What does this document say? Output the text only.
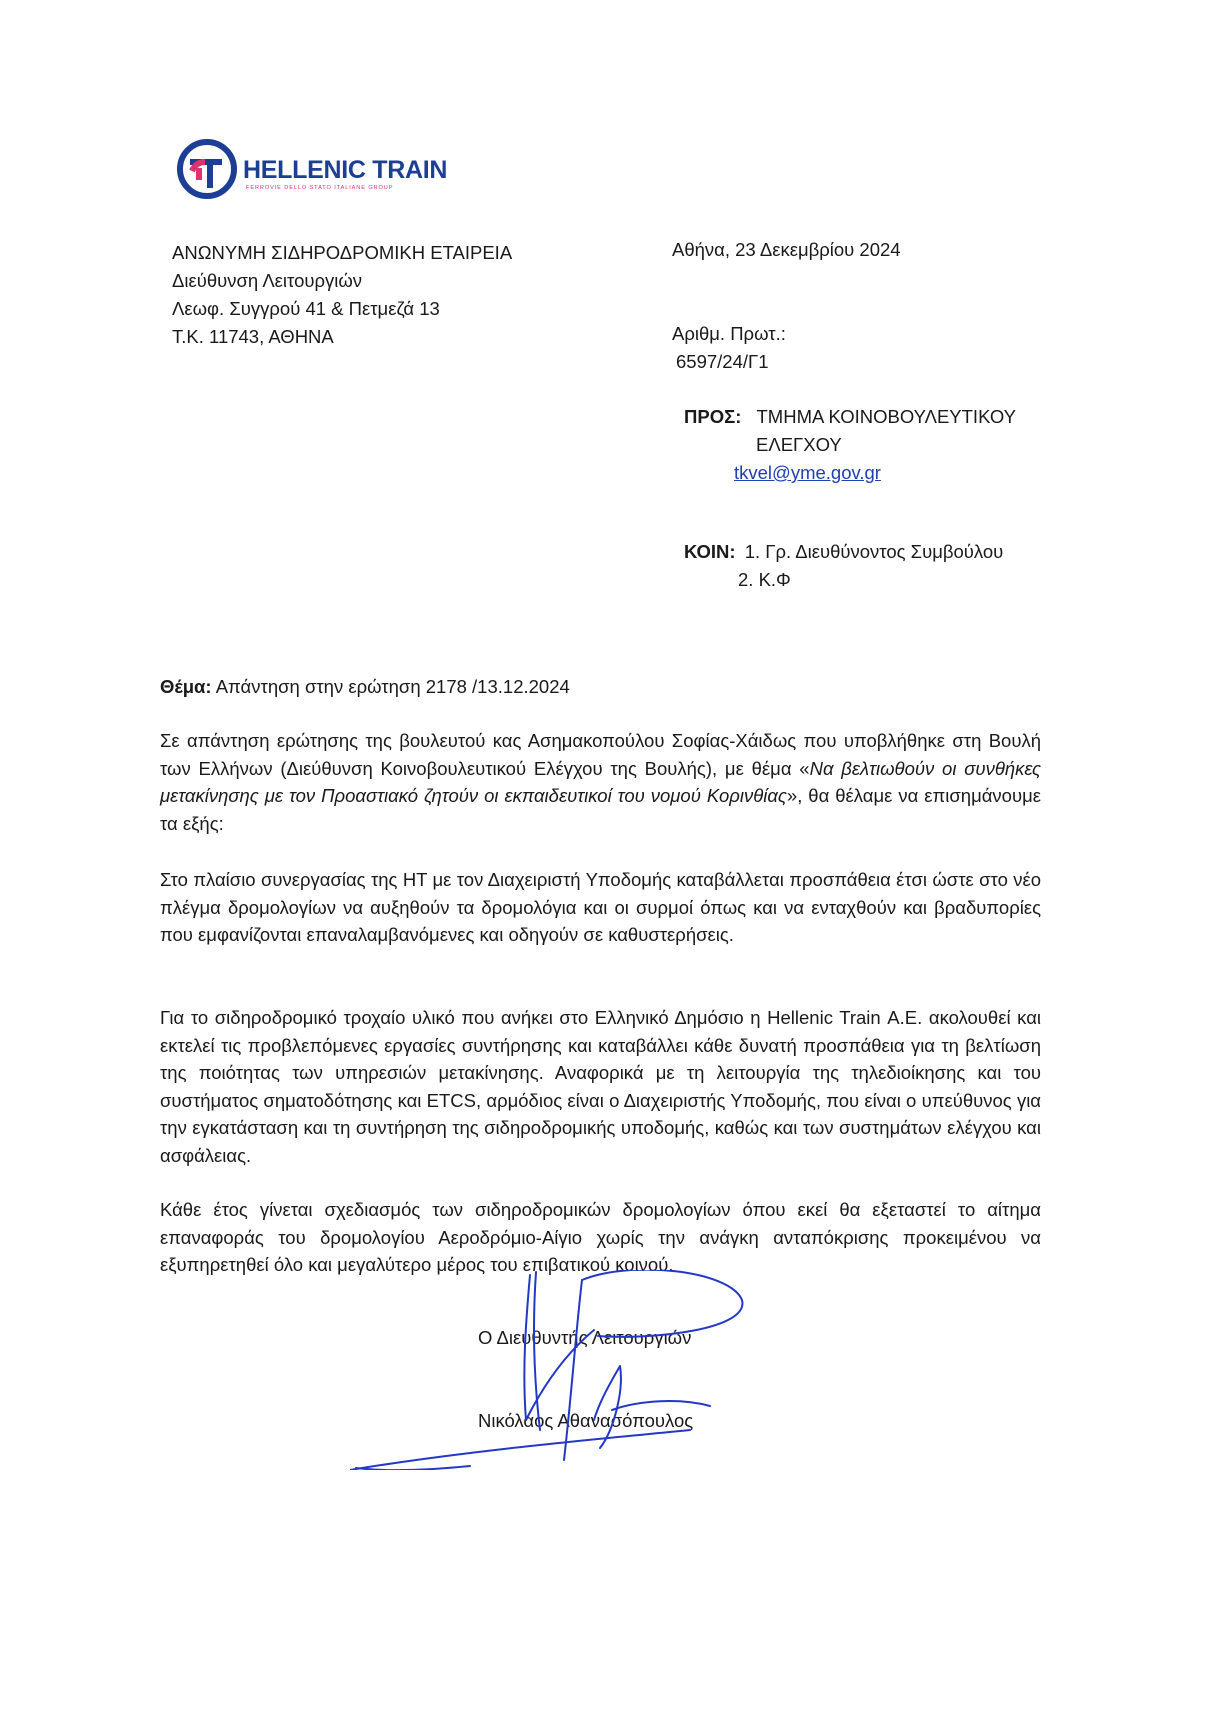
HELLENIC TRAIN
FERROVIE DELLO STATO ITALIANE GROUP
ΑΝΩΝΥΜΗ ΣΙΔΗΡΟΔΡΟΜΙΚΗ ΕΤΑΙΡΕΙΑ
Διεύθυνση Λειτουργιών
Λεωφ. Συγγρού 41 & Πετμεζά 13
Τ.Κ. 11743, ΑΘΗΝΑ
Αθήνα, 23 Δεκεμβρίου 2024
Αριθμ. Πρωτ.:
6597/24/Γ1
ΠΡΟΣ: ΤΜΗΜΑ ΚΟΙΝΟΒΟΥΛΕΥΤΙΚΟΥ
ΕΛΕΓΧΟΥ
tkvel@yme.gov.gr
ΚΟΙΝ: 1. Γρ. Διευθύνοντος Συμβούλου
2. Κ.Φ
Θέμα: Απάντηση στην ερώτηση 2178 /13.12.2024
Σε απάντηση ερώτησης της βουλευτού κας Ασημακοπούλου Σοφίας-Χάιδως που υποβλήθηκε στη Βουλή των Ελλήνων (Διεύθυνση Κοινοβουλευτικού Ελέγχου της Βουλής), με θέμα «Να βελτιωθούν οι συνθήκες μετακίνησης με τον Προαστιακό ζητούν οι εκπαιδευτικοί του νομού Κορινθίας», θα θέλαμε να επισημάνουμε τα εξής:
Στο πλαίσιο συνεργασίας της ΗΤ με τον Διαχειριστή Υποδομής καταβάλλεται προσπάθεια έτσι ώστε στο νέο πλέγμα δρομολογίων να αυξηθούν τα δρομολόγια και οι συρμοί όπως και να ενταχθούν και βραδυπορίες που εμφανίζονται επαναλαμβανόμενες και οδηγούν σε καθυστερήσεις.
Για το σιδηροδρομικό τροχαίο υλικό που ανήκει στο Ελληνικό Δημόσιο η Hellenic Train Α.Ε. ακολουθεί και εκτελεί τις προβλεπόμενες εργασίες συντήρησης και καταβάλλει κάθε δυνατή προσπάθεια για τη βελτίωση της ποιότητας των υπηρεσιών μετακίνησης. Αναφορικά με τη λειτουργία της τηλεδιοίκησης και του συστήματος σηματοδότησης και ETCS, αρμόδιος είναι ο Διαχειριστής Υποδομής, που είναι ο υπεύθυνος για την εγκατάσταση και τη συντήρηση της σιδηροδρομικής υποδομής, καθώς και των συστημάτων ελέγχου και ασφάλειας.
Κάθε έτος γίνεται σχεδιασμός των σιδηροδρομικών δρομολογίων όπου εκεί θα εξεταστεί το αίτημα επαναφοράς του δρομολογίου Αεροδρόμιο-Αίγιο χωρίς την ανάγκη ανταπόκρισης προκειμένου να εξυπηρετηθεί όλο και μεγαλύτερο μέρος του επιβατικού κοινού.
Ο Διευθυντής Λειτουργιών
Νικόλαος Αθανασόπουλος
